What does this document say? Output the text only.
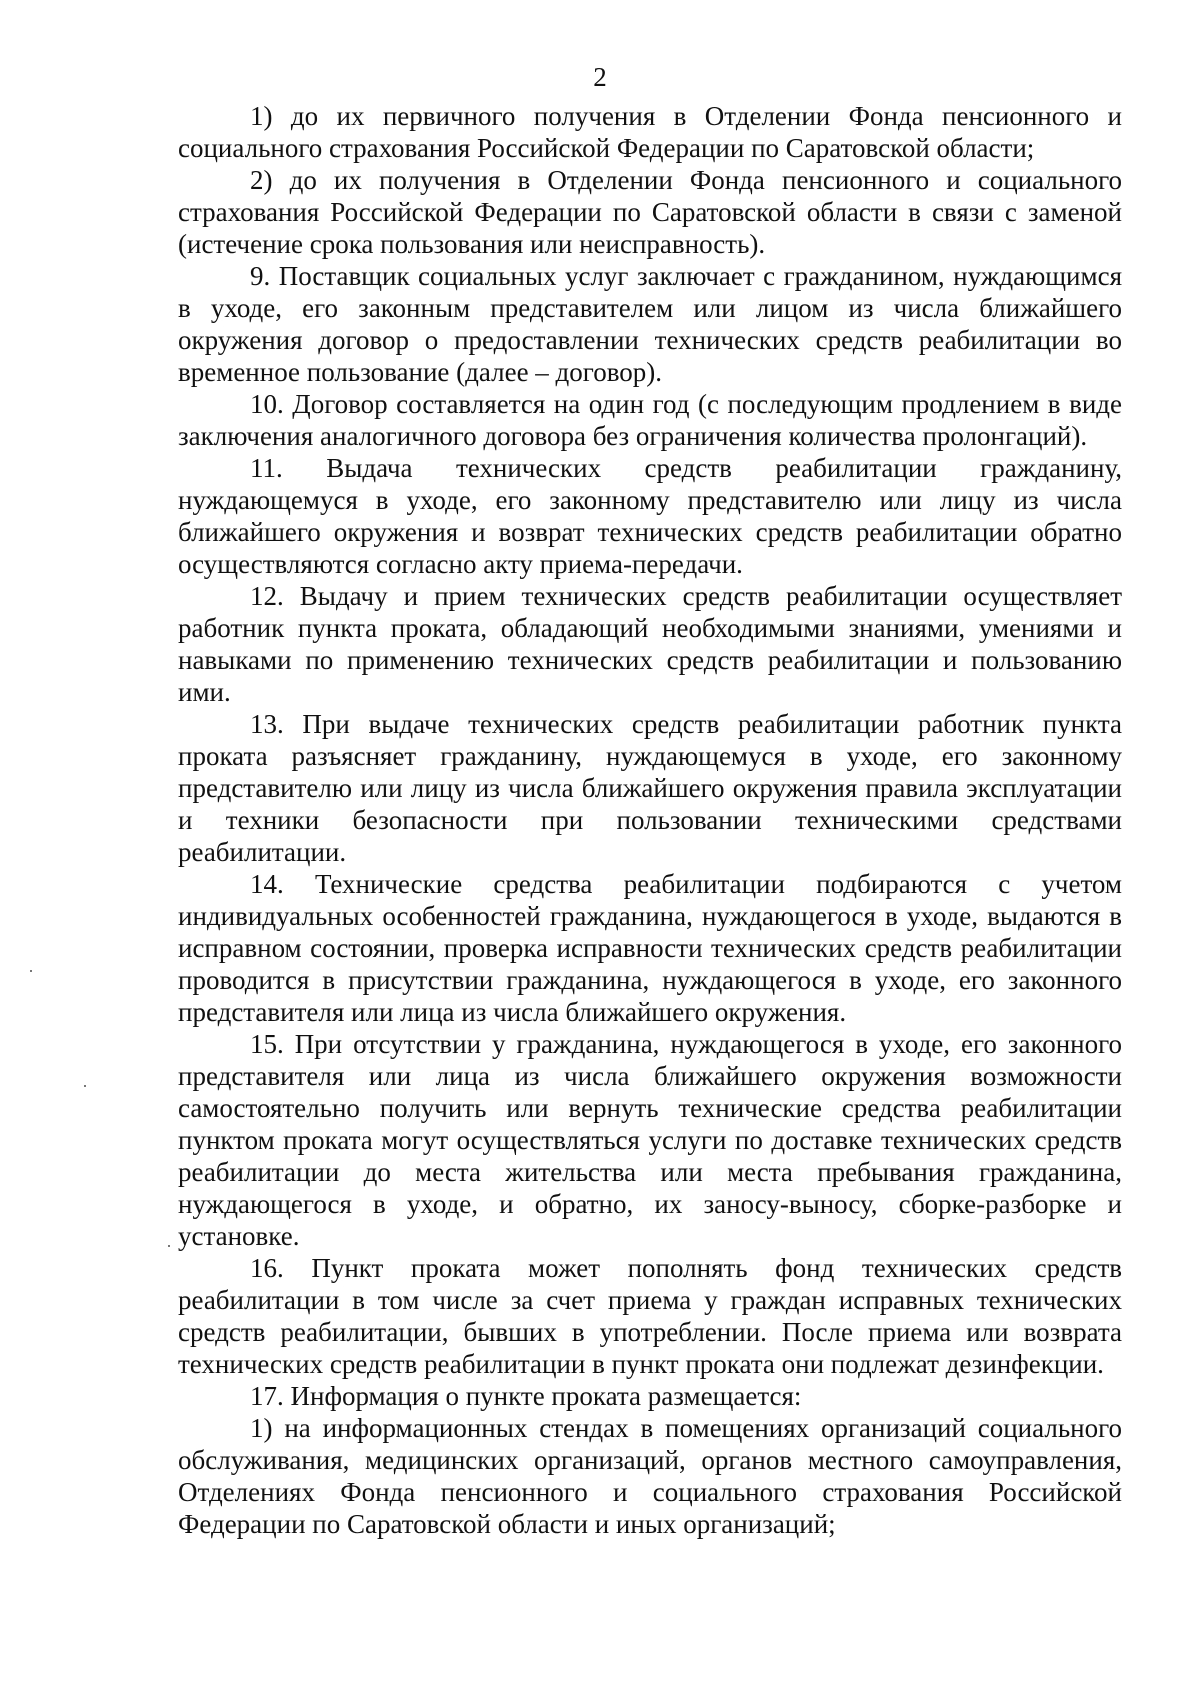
2

1) до их первичного получения в Отделении Фонда пенсионного и социального страхования Российской Федерации по Саратовской области;

2) до их получения в Отделении Фонда пенсионного и социального страхования Российской Федерации по Саратовской области в связи с заменой (истечение срока пользования или неисправность).

9. Поставщик социальных услуг заключает с гражданином, нуждающимся в уходе, его законным представителем или лицом из числа ближайшего окружения договор о предоставлении технических средств реабилитации во временное пользование (далее – договор).

10. Договор составляется на один год (с последующим продлением в виде заключения аналогичного договора без ограничения количества пролонгаций).

11. Выдача технических средств реабилитации гражданину, нуждающемуся в уходе, его законному представителю или лицу из числа ближайшего окружения и возврат технических средств реабилитации обратно осуществляются согласно акту приема-передачи.

12. Выдачу и прием технических средств реабилитации осуществляет работник пункта проката, обладающий необходимыми знаниями, умениями и навыками по применению технических средств реабилитации и пользованию ими.

13. При выдаче технических средств реабилитации работник пункта проката разъясняет гражданину, нуждающемуся в уходе, его законному представителю или лицу из числа ближайшего окружения правила эксплуатации и техники безопасности при пользовании техническими средствами реабилитации.

14. Технические средства реабилитации подбираются с учетом индивидуальных особенностей гражданина, нуждающегося в уходе, выдаются в исправном состоянии, проверка исправности технических средств реабилитации проводится в присутствии гражданина, нуждающегося в уходе, его законного представителя или лица из числа ближайшего окружения.

15. При отсутствии у гражданина, нуждающегося в уходе, его законного представителя или лица из числа ближайшего окружения возможности самостоятельно получить или вернуть технические средства реабилитации пунктом проката могут осуществляться услуги по доставке технических средств реабилитации до места жительства или места пребывания гражданина, нуждающегося в уходе, и обратно, их заносу-выносу, сборке-разборке и установке.

16. Пункт проката может пополнять фонд технических средств реабилитации в том числе за счет приема у граждан исправных технических средств реабилитации, бывших в употреблении. После приема или возврата технических средств реабилитации в пункт проката они подлежат дезинфекции.

17. Информация о пункте проката размещается:

1) на информационных стендах в помещениях организаций социального обслуживания, медицинских организаций, органов местного самоуправления, Отделениях Фонда пенсионного и социального страхования Российской Федерации по Саратовской области и иных организаций;
